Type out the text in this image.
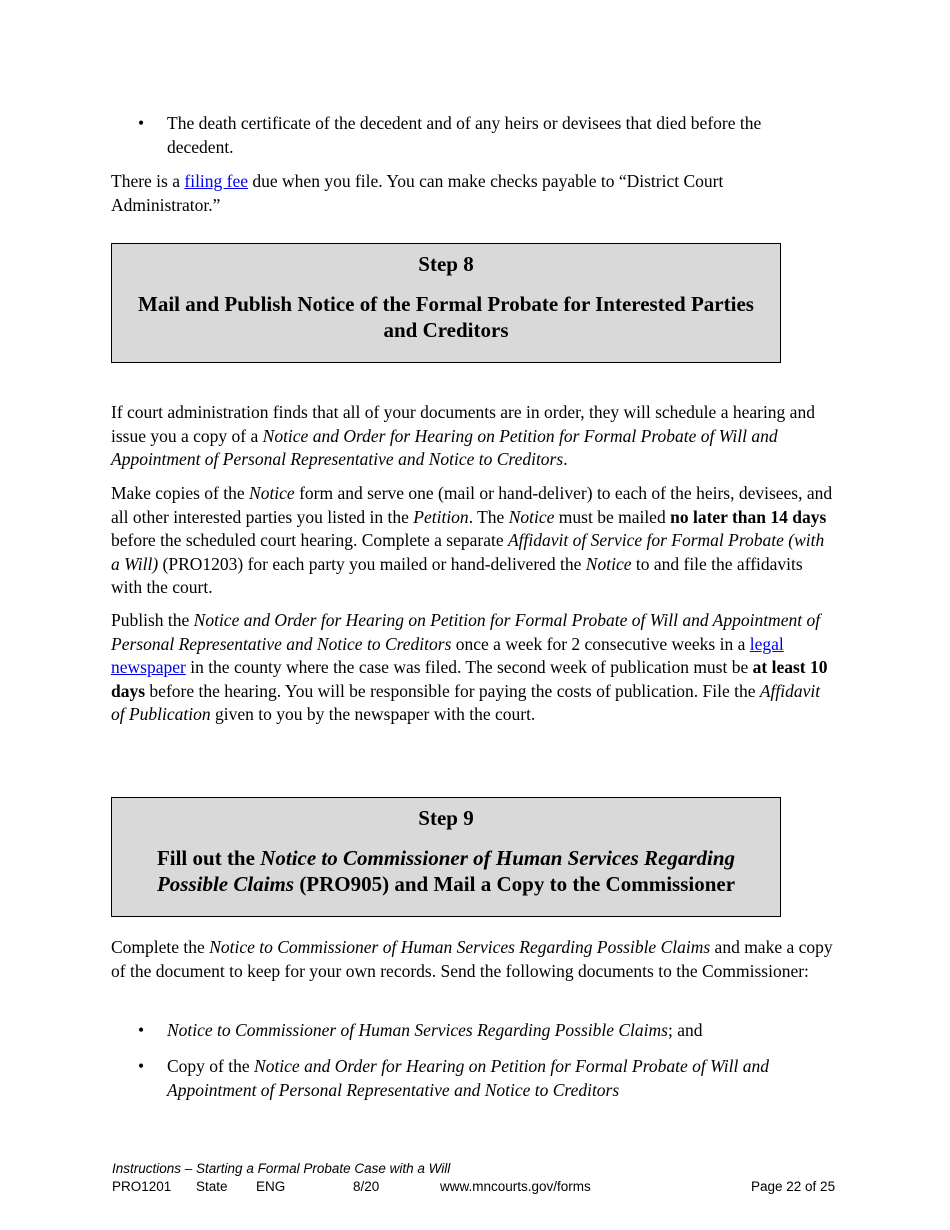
• The death certificate of the decedent and of any heirs or devisees that died before the decedent.

There is a filing fee due when you file. You can make checks payable to “District Court Administrator.”

Step 8

Mail and Publish Notice of the Formal Probate for Interested Parties and Creditors

If court administration finds that all of your documents are in order, they will schedule a hearing and issue you a copy of a Notice and Order for Hearing on Petition for Formal Probate of Will and Appointment of Personal Representative and Notice to Creditors.

Make copies of the Notice form and serve one (mail or hand-deliver) to each of the heirs, devisees, and all other interested parties you listed in the Petition. The Notice must be mailed no later than 14 days before the scheduled court hearing. Complete a separate Affidavit of Service for Formal Probate (with a Will) (PRO1203) for each party you mailed or hand-delivered the Notice to and file the affidavits with the court.

Publish the Notice and Order for Hearing on Petition for Formal Probate of Will and Appointment of Personal Representative and Notice to Creditors once a week for 2 consecutive weeks in a legal newspaper in the county where the case was filed. The second week of publication must be at least 10 days before the hearing. You will be responsible for paying the costs of publication. File the Affidavit of Publication given to you by the newspaper with the court.

Step 9

Fill out the Notice to Commissioner of Human Services Regarding Possible Claims (PRO905) and Mail a Copy to the Commissioner

Complete the Notice to Commissioner of Human Services Regarding Possible Claims and make a copy of the document to keep for your own records. Send the following documents to the Commissioner:

• Notice to Commissioner of Human Services Regarding Possible Claims; and

• Copy of the Notice and Order for Hearing on Petition for Formal Probate of Will and Appointment of Personal Representative and Notice to Creditors

Instructions – Starting a Formal Probate Case with a Will
PRO1201 State ENG	8/20	www.mncourts.gov/forms	Page 22 of 25
